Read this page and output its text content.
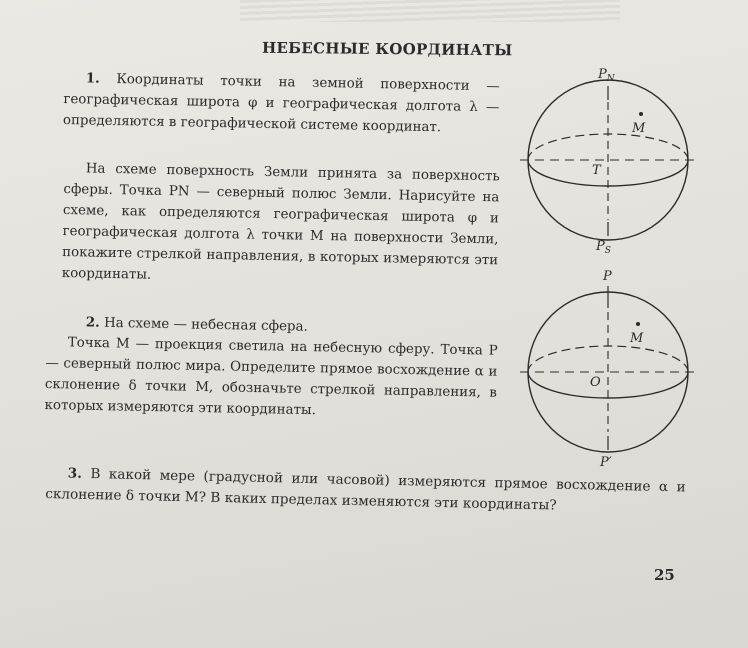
НЕБЕСНЫЕ КООРДИНАТЫ

1. Координаты точки на земной поверхности — географическая широта φ и географическая долгота λ — определяются в географической системе координат.

На схеме поверхность Земли принята за поверхность сферы. Точка PN — северный полюс Земли. Нарисуйте на схеме, как определяются географическая широта φ и географическая долгота λ точки M на поверхности Земли, покажите стрелкой направления, в которых измеряются эти координаты.

2. На схеме — небесная сфера.

Точка M — проекция светила на небесную сферу. Точка P — северный полюс мира. Определите прямое восхождение α и склонение δ точки M, обозначьте стрелкой направления, в которых измеряются эти координаты.

3. В какой мере (градусной или часовой) измеряются прямое восхождение α и склонение δ точки M? В каких пределах изменяются эти координаты?

M
T
$P_N$
$P_S$
M
O
P
P′
25
